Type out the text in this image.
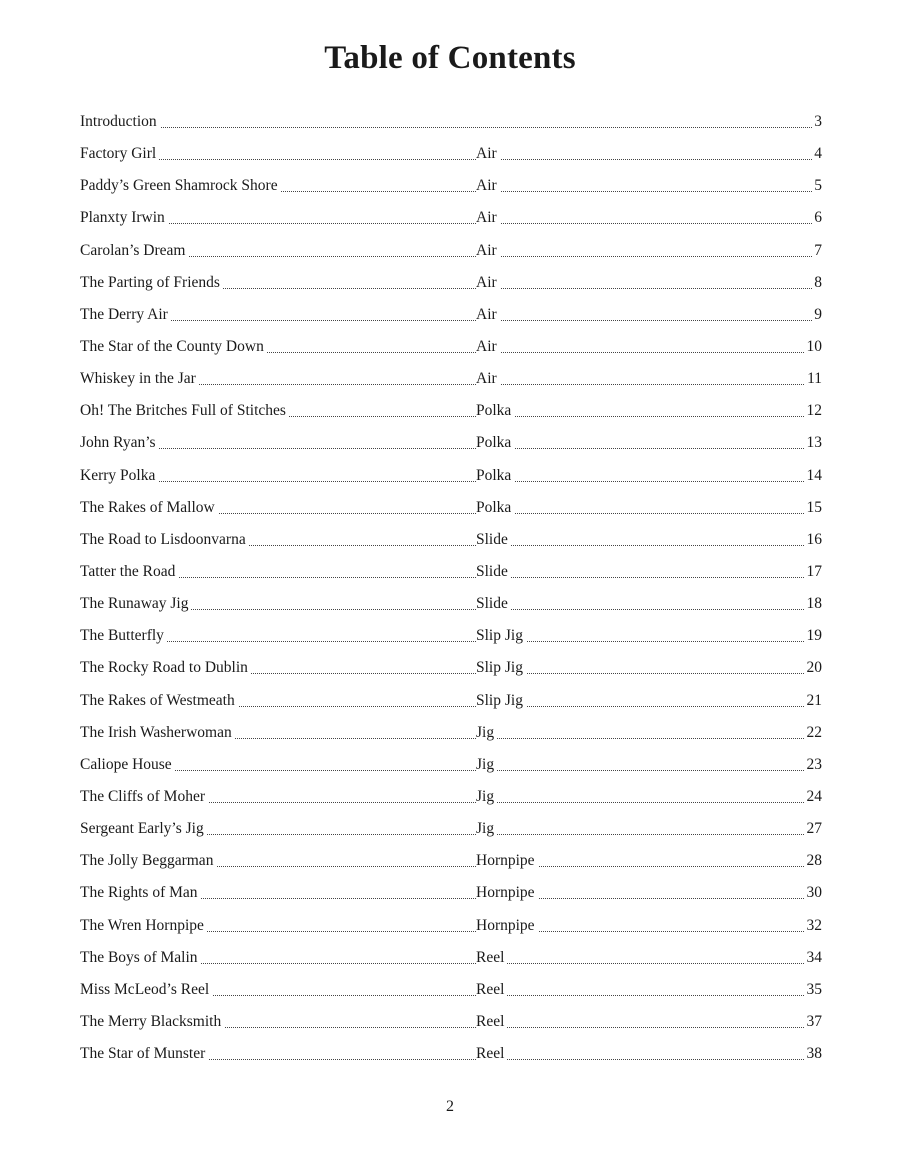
Table of Contents
Introduction	3
Factory Girl	Air	4
Paddy’s Green Shamrock Shore	Air	5
Planxty Irwin	Air	6
Carolan’s Dream	Air	7
The Parting of Friends	Air	8
The Derry Air	Air	9
The Star of the County Down	Air	10
Whiskey in the Jar	Air	11
Oh! The Britches Full of Stitches	Polka	12
John Ryan’s	Polka	13
Kerry Polka	Polka	14
The Rakes of Mallow	Polka	15
The Road to Lisdoonvarna	Slide	16
Tatter the Road	Slide	17
The Runaway Jig	Slide	18
The Butterfly	Slip Jig	19
The Rocky Road to Dublin	Slip Jig	20
The Rakes of Westmeath	Slip Jig	21
The Irish Washerwoman	Jig	22
Caliope House	Jig	23
The Cliffs of Moher	Jig	24
Sergeant Early’s Jig	Jig	27
The Jolly Beggarman	Hornpipe	28
The Rights of Man	Hornpipe	30
The Wren Hornpipe	Hornpipe	32
The Boys of Malin	Reel	34
Miss McLeod’s Reel	Reel	35
The Merry Blacksmith	Reel	37
The Star of Munster	Reel	38
2
